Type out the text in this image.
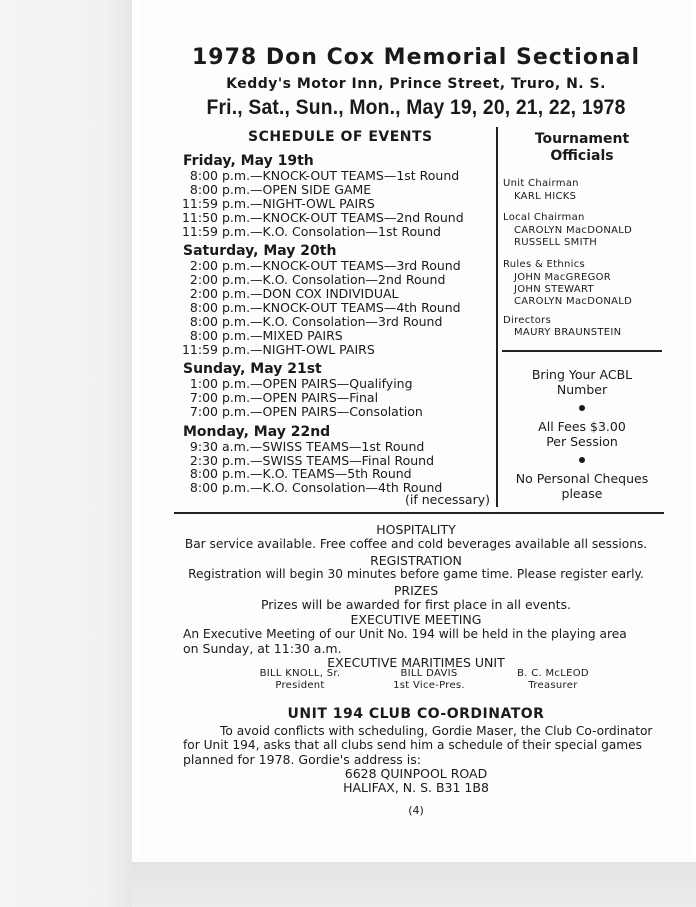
1978 Don Cox Memorial Sectional
Keddy's Motor Inn, Prince Street, Truro, N. S.
Fri., Sat., Sun., Mon., May 19, 20, 21, 22, 1978
SCHEDULE OF EVENTS
Friday, May 19th
8:00 p.m.—KNOCK-OUT TEAMS—1st Round
8:00 p.m.—OPEN SIDE GAME
11:59 p.m.—NIGHT-OWL PAIRS
11:50 p.m.—KNOCK-OUT TEAMS—2nd Round
11:59 p.m.—K.O. Consolation—1st Round
Saturday, May 20th
2:00 p.m.—KNOCK-OUT TEAMS—3rd Round
2:00 p.m.—K.O. Consolation—2nd Round
2:00 p.m.—DON COX INDIVIDUAL
8:00 p.m.—KNOCK-OUT TEAMS—4th Round
8:00 p.m.—K.O. Consolation—3rd Round
8:00 p.m.—MIXED PAIRS
11:59 p.m.—NIGHT-OWL PAIRS
Sunday, May 21st
1:00 p.m.—OPEN PAIRS—Qualifying
7:00 p.m.—OPEN PAIRS—Final
7:00 p.m.—OPEN PAIRS—Consolation
Monday, May 22nd
9:30 a.m.—SWISS TEAMS—1st Round
2:30 p.m.—SWISS TEAMS—Final Round
8:00 p.m.—K.O. TEAMS—5th Round
8:00 p.m.—K.O. Consolation—4th Round
(if necessary)
Tournament
Officials
Unit Chairman
KARL HICKS
Local Chairman
CAROLYN MacDONALD
RUSSELL SMITH
Rules & Ethnics
JOHN MacGREGOR
JOHN STEWART
CAROLYN MacDONALD
Directors
MAURY BRAUNSTEIN
Bring Your ACBL
Number
All Fees $3.00
Per Session
No Personal Cheques
please
HOSPITALITY
Bar service available. Free coffee and cold beverages available all sessions.
REGISTRATION
Registration will begin 30 minutes before game time. Please register early.
PRIZES
Prizes will be awarded for first place in all events.
EXECUTIVE MEETING
An Executive Meeting of our Unit No. 194 will be held in the playing area
on Sunday, at 11:30 a.m.
EXECUTIVE MARITIMES UNIT
BILL KNOLL, Sr.
President
BILL DAVIS
1st Vice-Pres.
B. C. McLEOD
Treasurer
UNIT 194 CLUB CO-ORDINATOR
To avoid conflicts with scheduling, Gordie Maser, the Club Co-ordinator
for Unit 194, asks that all clubs send him a schedule of their special games
planned for 1978. Gordie's address is:
6628 QUINPOOL ROAD
HALIFAX, N. S. B31 1B8
(4)
